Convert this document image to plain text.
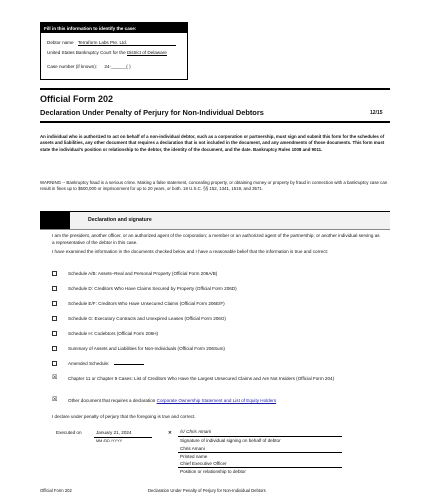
Fill in this information to identify the case:
Debtor name Terraform Labs Pte. Ltd.
United States Bankruptcy Court for the District of Delaware
Case number (if known): 24-______( )
Official Form 202
Declaration Under Penalty of Perjury for Non-Individual Debtors	12/15
An individual who is authorized to act on behalf of a non-individual debtor, such as a corporation or partnership, must sign and submit this form for the schedules of assets and liabilities, any other document that requires a declaration that is not included in the document, and any amendments of those documents. This form must state the individual's position or relationship to the debtor, the identity of the document, and the date. Bankruptcy Rules 1008 and 9011.
WARNING -- Bankruptcy fraud is a serious crime. Making a false statement, concealing property, or obtaining money or property by fraud in connection with a bankruptcy case can result in fines up to $500,000 or imprisonment for up to 20 years, or both. 18 U.S.C. §§ 152, 1341, 1519, and 3571.
Declaration and signature
I am the president, another officer, or an authorized agent of the corporation; a member or an authorized agent of the partnership; or another individual serving as a representative of the debtor in this case.
I have examined the information in the documents checked below and I have a reasonable belief that the information is true and correct:
Schedule A/B: Assets–Real and Personal Property (Official Form 206A/B)
Schedule D: Creditors Who Have Claims Secured by Property (Official Form 206D)
Schedule E/F: Creditors Who Have Unsecured Claims (Official Form 206E/F)
Schedule G: Executory Contracts and Unexpired Leases (Official Form 206G)
Schedule H: Codebtors (Official Form 206H)
Summary of Assets and Liabilities for Non-Individuals (Official Form 206Sum)
Amended Schedule:
☒ Chapter 11 or Chapter 9 Cases: List of Creditors Who Have the Largest Unsecured Claims and Are Not Insiders (Official Form 204)
☒ Other document that requires a declaration Corporate Ownership Statement and List of Equity Holders
I declare under penalty of perjury that the foregoing is true and correct.
Executed on	January 21, 2024
MM /DD /YYYY
✕ /s/ Chris Amani
Signature of individual signing on behalf of debtor
Chris Amani
Printed name
Chief Executive Officer
Position or relationship to debtor
Official Form 202	Declaration Under Penalty of Perjury for Non-Individual Debtors
